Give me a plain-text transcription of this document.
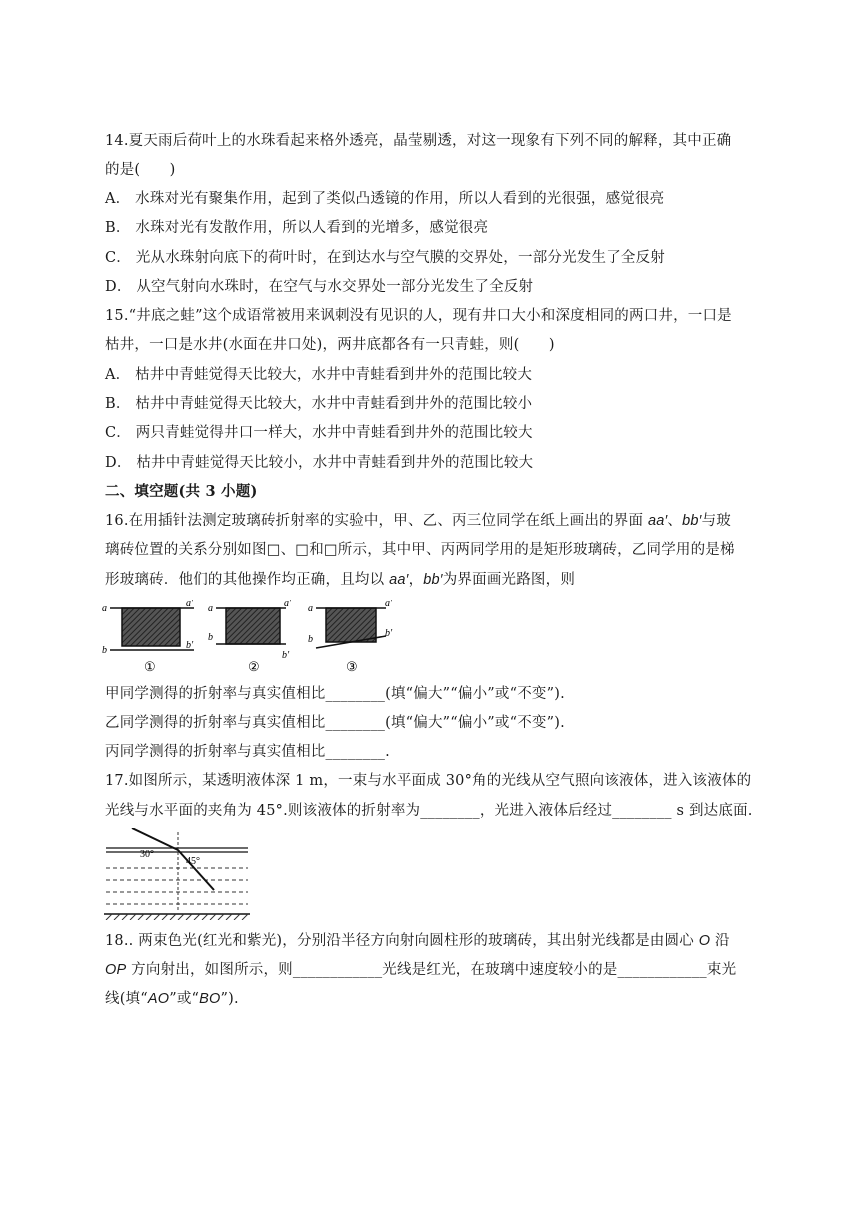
14.夏天雨后荷叶上的水珠看起来格外透亮，晶莹剔透，对这一现象有下列不同的解释，其中正确
的是(　　)
A． 水珠对光有聚集作用，起到了类似凸透镜的作用，所以人看到的光很强，感觉很亮
B． 水珠对光有发散作用，所以人看到的光增多，感觉很亮
C． 光从水珠射向底下的荷叶时，在到达水与空气膜的交界处，一部分光发生了全反射
D． 从空气射向水珠时，在空气与水交界处一部分光发生了全反射
15.“井底之蛙”这个成语常被用来讽刺没有见识的人，现有井口大小和深度相同的两口井，一口是
枯井，一口是水井(水面在井口处)，两井底都各有一只青蛙，则(　　)
A． 枯井中青蛙觉得天比较大，水井中青蛙看到井外的范围比较大
B． 枯井中青蛙觉得天比较大，水井中青蛙看到井外的范围比较小
C． 两只青蛙觉得井口一样大，水井中青蛙看到井外的范围比较大
D． 枯井中青蛙觉得天比较小，水井中青蛙看到井外的范围比较大
二、填空题(共 3 小题)
16.在用插针法测定玻璃砖折射率的实验中，甲、乙、丙三位同学在纸上画出的界面 aa′、bb′与玻
璃砖位置的关系分别如图□、□和□所示，其中甲、丙两同学用的是矩形玻璃砖，乙同学用的是梯
形玻璃砖．他们的其他操作均正确，且均以 aa′，bb′为界面画光路图，则
a	a′
b	b′
①
a	a′
b
b′
②
a	a′
b
b′
③
甲同学测得的折射率与真实值相比________(填“偏大”“偏小”或“不变”).
乙同学测得的折射率与真实值相比________(填“偏大”“偏小”或“不变”).
丙同学测得的折射率与真实值相比________.
17.如图所示，某透明液体深 1 m，一束与水平面成 30°角的光线从空气照向该液体，进入该液体的
光线与水平面的夹角为 45°.则该液体的折射率为________，光进入液体后经过________ s 到达底面.
30°
45°
18.. 两束色光(红光和紫光)，分别沿半径方向射向圆柱形的玻璃砖，其出射光线都是由圆心 O 沿
OP 方向射出，如图所示，则____________光线是红光，在玻璃中速度较小的是____________束光
线(填“AO”或“BO”).
